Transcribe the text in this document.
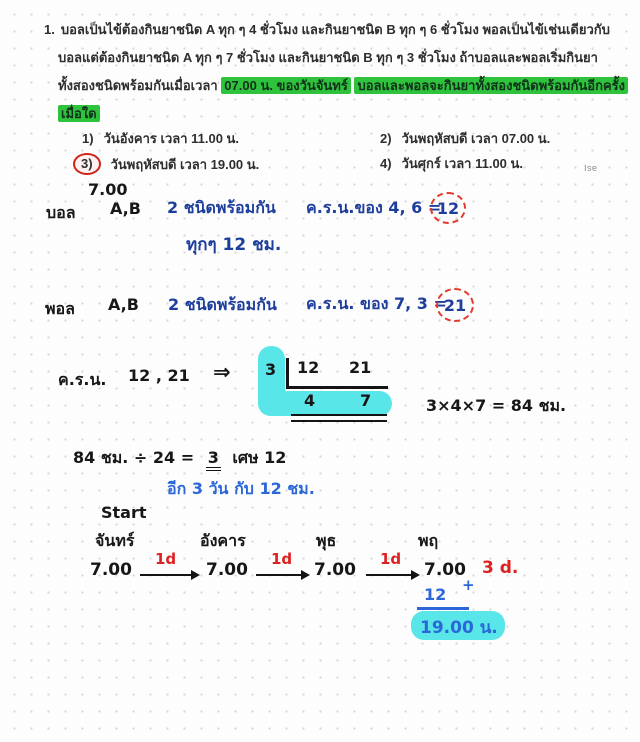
1. บอลเป็นไข้ต้องกินยาชนิด A ทุก ๆ 4 ชั่วโมง และกินยาชนิด B ทุก ๆ 6 ชั่วโมง พอลเป็นไข้เช่นเดียวกับ
บอลแต่ต้องกินยาชนิด A ทุก ๆ 7 ชั่วโมง และกินยาชนิด B ทุก ๆ 3 ชั่วโมง ถ้าบอลและพอลเริ่มกินยา
ทั้งสองชนิดพร้อมกันเมื่อเวลา 07.00 น. ของวันจันทร์ บอลและพอลจะกินยาทั้งสองชนิดพร้อมกันอีกครั้ง
เมื่อใด
1) วันอังคาร เวลา 11.00 น.	2) วันพฤหัสบดี เวลา 07.00 น.
3)	วันพฤหัสบดี เวลา 19.00 น.	4) วันศุกร์ เวลา 11.00 น.	Ise
7.00
บอล A,B 2 ชนิดพร้อมกัน ค.ร.น.ของ 4, 6 =
12
ทุกๆ 12 ชม.
พอล A,B 2 ชนิดพร้อมกัน ค.ร.น. ของ 7, 3 =
21
ค.ร.น. 12 , 21 ⇒ 3 12 21
4	7	3×4×7 = 84 ชม.
84 ชม. ÷ 24 = 3 เศษ 12
อีก 3 วัน กับ 12 ชม.
Start
จันทร์	อังคาร	พุธ	พฤ
7.00	7.00	7.00	7.00
1d	1d	1d
+
3 d.
12
19.00 น.
